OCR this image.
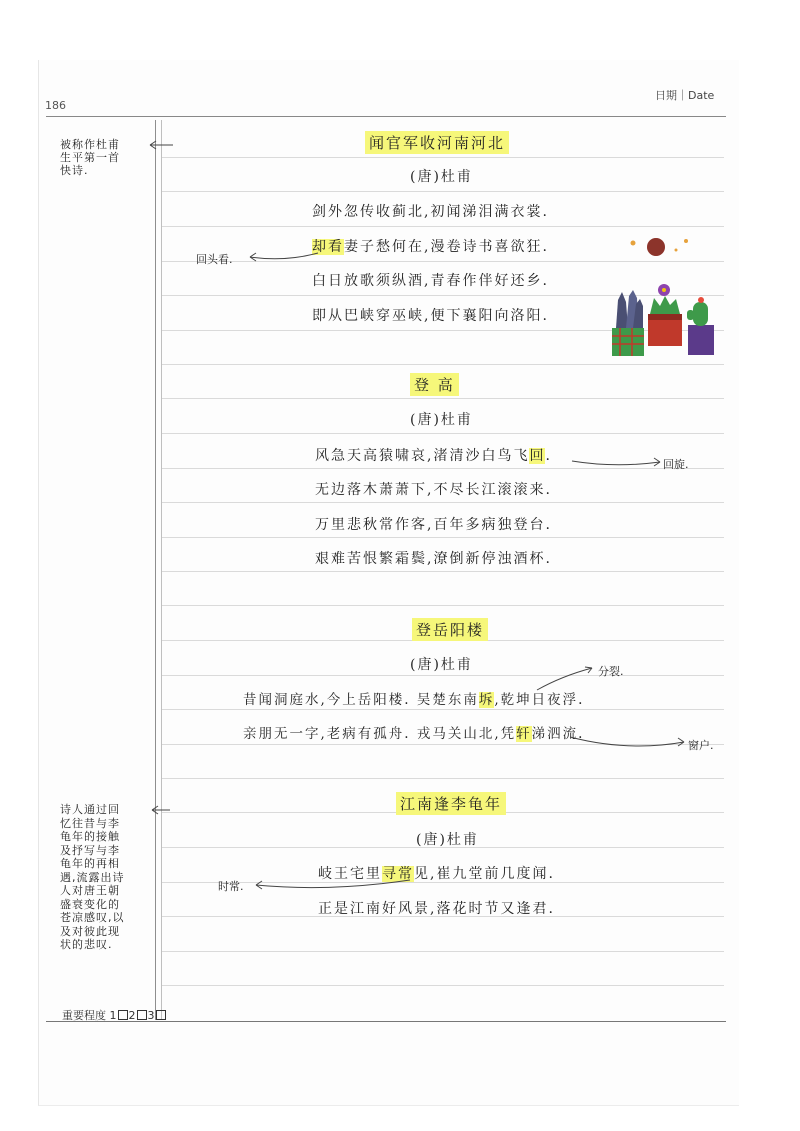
186
日期｜Date
被称作杜甫
生平第一首
快诗.
诗人通过回
忆往昔与李
龟年的接触
及抒写与李
龟年的再相
遇,流露出诗
人对唐王朝
盛衰变化的
苍凉感叹,以
及对彼此现
状的悲叹.
闻官军收河南河北
(唐)杜甫
剑外忽传收蓟北,初闻涕泪满衣裳.
却看妻子愁何在,漫卷诗书喜欲狂.
白日放歌须纵酒,青春作伴好还乡.
即从巴峡穿巫峡,便下襄阳向洛阳.
登 高
(唐)杜甫
风急天高猿啸哀,渚清沙白鸟飞回.
无边落木萧萧下,不尽长江滚滚来.
万里悲秋常作客,百年多病独登台.
艰难苦恨繁霜鬓,潦倒新停浊酒杯.
登岳阳楼
(唐)杜甫
昔闻洞庭水,今上岳阳楼. 吴楚东南坼,乾坤日夜浮.
亲朋无一字,老病有孤舟. 戎马关山北,凭轩涕泗流.
江南逢李龟年
(唐)杜甫
岐王宅里寻常见,崔九堂前几度闻.
正是江南好风景,落花时节又逢君.
回头看.
回旋.
分裂.
窗户.
时常.
重要程度 1 2 3
